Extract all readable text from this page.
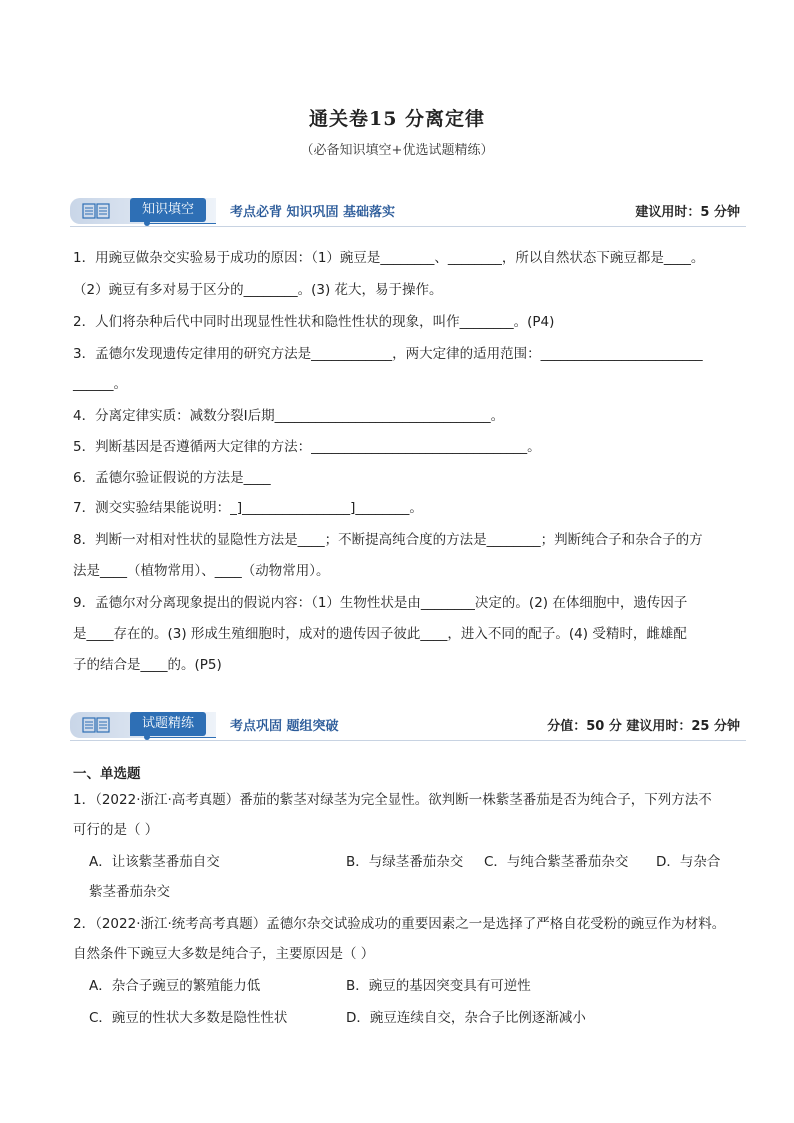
通关卷15 分离定律
（必备知识填空+优选试题精练）
知识填空	考点必背 知识巩固 基础落实	建议用时：5 分钟
1．用豌豆做杂交实验易于成功的原因：（1）豌豆是________、________，所以自然状态下豌豆都是____。
（2）豌豆有多对易于区分的________。(3) 花大，易于操作。
2．人们将杂种后代中同时出现显性性状和隐性性状的现象，叫作________。(P4)
3．孟德尔发现遗传定律用的研究方法是____________，两大定律的适用范围：________________________
______。
4．分离定律实质：减数分裂Ⅰ后期________________________________。
5．判断基因是否遵循两大定律的方法：________________________________。
6．孟德尔验证假说的方法是____
7．测交实验结果能说明：_]________________]________。
8．判断一对相对性状的显隐性方法是____；不断提高纯合度的方法是________；判断纯合子和杂合子的方
法是____（植物常用）、____（动物常用）。
9．孟德尔对分离现象提出的假说内容：（1）生物性状是由________决定的。(2) 在体细胞中，遗传因子
是____存在的。(3) 形成生殖细胞时，成对的遗传因子彼此____，进入不同的配子。(4) 受精时，雌雄配
子的结合是____的。(P5)
试题精练	考点巩固 题组突破	分值：50 分 建议用时：25 分钟
一、单选题
1．（2022·浙江·高考真题）番茄的紫茎对绿茎为完全显性。欲判断一株紫茎番茄是否为纯合子，下列方法不
可行的是（ ）
A．让该紫茎番茄自交	B．与绿茎番茄杂交 C．与纯合紫茎番茄杂交 D．与杂合
紫茎番茄杂交
2．（2022·浙江·统考高考真题）孟德尔杂交试验成功的重要因素之一是选择了严格自花受粉的豌豆作为材料。
自然条件下豌豆大多数是纯合子，主要原因是（ ）
A．杂合子豌豆的繁殖能力低	B．豌豆的基因突变具有可逆性
C．豌豆的性状大多数是隐性性状	D．豌豆连续自交，杂合子比例逐渐减小
